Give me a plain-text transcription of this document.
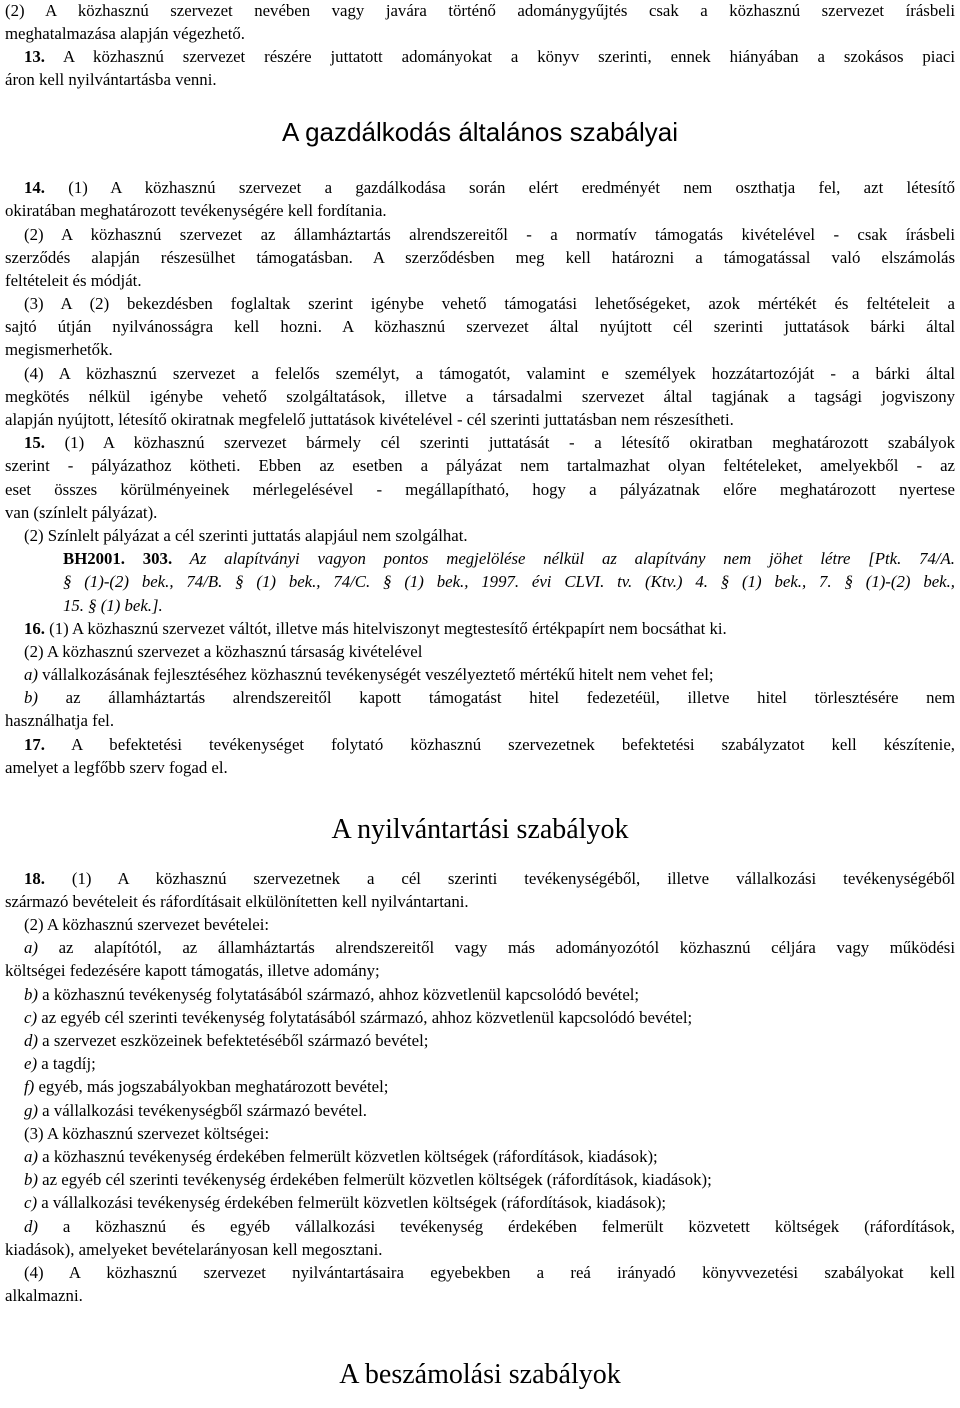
(2) A közhasznú szervezet nevében vagy javára történő adománygyűjtés csak a közhasznú szervezet írásbeli
meghatalmazása alapján végezhető.
13. A közhasznú szervezet részére juttatott adományokat a könyv szerinti, ennek hiányában a szokásos piaci
áron kell nyilvántartásba venni.
A gazdálkodás általános szabályai
14. (1) A közhasznú szervezet a gazdálkodása során elért eredményét nem oszthatja fel, azt létesítő
okiratában meghatározott tevékenységére kell fordítania.
(2) A közhasznú szervezet az államháztartás alrendszereitől - a normatív támogatás kivételével - csak írásbeli
szerződés alapján részesülhet támogatásban. A szerződésben meg kell határozni a támogatással való elszámolás
feltételeit és módját.
(3) A (2) bekezdésben foglaltak szerint igénybe vehető támogatási lehetőségeket, azok mértékét és feltételeit a
sajtó útján nyilvánosságra kell hozni. A közhasznú szervezet által nyújtott cél szerinti juttatások bárki által
megismerhetők.
(4) A közhasznú szervezet a felelős személyt, a támogatót, valamint e személyek hozzátartozóját - a bárki által
megkötés nélkül igénybe vehető szolgáltatások, illetve a társadalmi szervezet által tagjának a tagsági jogviszony
alapján nyújtott, létesítő okiratnak megfelelő juttatások kivételével - cél szerinti juttatásban nem részesítheti.
15. (1) A közhasznú szervezet bármely cél szerinti juttatását - a létesítő okiratban meghatározott szabályok
szerint - pályázathoz kötheti. Ebben az esetben a pályázat nem tartalmazhat olyan feltételeket, amelyekből - az
eset összes körülményeinek mérlegelésével - megállapítható, hogy a pályázatnak előre meghatározott nyertese
van (színlelt pályázat).
(2) Színlelt pályázat a cél szerinti juttatás alapjául nem szolgálhat.
BH2001. 303. Az alapítványi vagyon pontos megjelölése nélkül az alapítvány nem jöhet létre [Ptk. 74/A.
§ (1)-(2) bek., 74/B. § (1) bek., 74/C. § (1) bek., 1997. évi CLVI. tv. (Ktv.) 4. § (1) bek., 7. § (1)-(2) bek.,
15. § (1) bek.].
16. (1) A közhasznú szervezet váltót, illetve más hitelviszonyt megtestesítő értékpapírt nem bocsáthat ki.
(2) A közhasznú szervezet a közhasznú társaság kivételével
a) vállalkozásának fejlesztéséhez közhasznú tevékenységét veszélyeztető mértékű hitelt nem vehet fel;
b) az államháztartás alrendszereitől kapott támogatást hitel fedezetéül, illetve hitel törlesztésére nem
használhatja fel.
17. A befektetési tevékenységet folytató közhasznú szervezetnek befektetési szabályzatot kell készítenie,
amelyet a legfőbb szerv fogad el.
A nyilvántartási szabályok
18. (1) A közhasznú szervezetnek a cél szerinti tevékenységéből, illetve vállalkozási tevékenységéből
származó bevételeit és ráfordításait elkülönítetten kell nyilvántartani.
(2) A közhasznú szervezet bevételei:
a) az alapítótól, az államháztartás alrendszereitől vagy más adományozótól közhasznú céljára vagy működési
költségei fedezésére kapott támogatás, illetve adomány;
b) a közhasznú tevékenység folytatásából származó, ahhoz közvetlenül kapcsolódó bevétel;
c) az egyéb cél szerinti tevékenység folytatásából származó, ahhoz közvetlenül kapcsolódó bevétel;
d) a szervezet eszközeinek befektetéséből származó bevétel;
e) a tagdíj;
f) egyéb, más jogszabályokban meghatározott bevétel;
g) a vállalkozási tevékenységből származó bevétel.
(3) A közhasznú szervezet költségei:
a) a közhasznú tevékenység érdekében felmerült közvetlen költségek (ráfordítások, kiadások);
b) az egyéb cél szerinti tevékenység érdekében felmerült közvetlen költségek (ráfordítások, kiadások);
c) a vállalkozási tevékenység érdekében felmerült közvetlen költségek (ráfordítások, kiadások);
d) a közhasznú és egyéb vállalkozási tevékenység érdekében felmerült közvetett költségek (ráfordítások,
kiadások), amelyeket bevételarányosan kell megosztani.
(4) A közhasznú szervezet nyilvántartásaira egyebekben a reá irányadó könyvvezetési szabályokat kell
alkalmazni.
A beszámolási szabályok
